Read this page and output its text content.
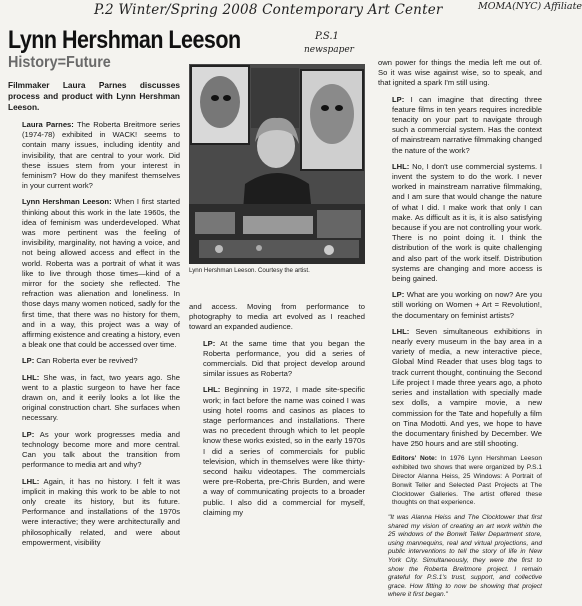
P.2 Winter/Spring 2008 Contemporary Art Center	MOMA(NYC) Affiliate
P.S.1
newspaper
Lynn Hershman Leeson
History=Future

Filmmaker Laura Parnes discusses process and product with Lynn Hershman Leeson.

Laura Parnes: The Roberta Breitmore series (1974-78) exhibited in WACK! seems to contain many issues, including identity and invisibility, that are central to your work. Did these issues stem from your interest in feminism? How do they manifest themselves in your current work?

Lynn Hershman Leeson: When I first started thinking about this work in the late 1960s, the idea of feminism was underdeveloped. What was more pertinent was the feeling of invisibility, marginality, not having a voice, and not being allowed access and effect in the world. Roberta was a portrait of what it was like to live through those times—kind of a mirror for the society she reflected. The refraction was alienation and loneliness. In those days many women noticed, sadly for the first time, that there was no history for them, and in a way, this project was a way of affirming existence and creating a history, even a bleak one that could be accessed over time.

LP: Can Roberta ever be revived?

LHL: She was, in fact, two years ago. She went to a plastic surgeon to have her face drawn on, and it eerily looks a lot like the original construction chart. She surfaces when necessary.

LP: As your work progresses media and technology become more and more central. Can you talk about the transition from performance to media art and why?

LHL: Again, it has no history. I felt it was implicit in making this work to be able to not only create its history, but its future. Performance and installations of the 1970s were interactive; they were architecturally and philosophically related, and were about empowerment, visibility

Lynn Hershman Leeson. Courtesy the artist.

and access. Moving from performance to photography to media art evolved as I reached toward an expanded audience.

LP: At the same time that you began the Roberta performance, you did a series of commercials. Did that project develop around similar issues as Roberta?

LHL: Beginning in 1972, I made site-specific work; in fact before the name was coined I was using hotel rooms and casinos as places to stage performances and installations. There was no precedent through which to let people know these works existed, so in the early 1970s I did a series of commercials for public television, which in themselves were like thirty-second haiku videotapes. The commercials were pre-Roberta, pre-Chris Burden, and were a way of communicating projects to a broader public. I also did a commercial for myself, claiming my

own power for things the media left me out of. So it was wise against wise, so to speak, and that ignited a spark I'm still using.

LP: I can imagine that directing three feature films in ten years requires incredible tenacity on your part to navigate through such a commercial system. Has the context of mainstream narrative filmmaking changed the nature of the work?

LHL: No, I don't use commercial systems. I invent the system to do the work. I never worked in mainstream narrative filmmaking, and I am sure that would change the nature of what I did. I make work that only I can make. As difficult as it is, it is also satisfying because if you are not controlling your work. There is no point doing it. I think the distribution of the work is quite challenging and also part of the work itself. Distribution systems are changing and more access is being gained.

LP: What are you working on now? Are you still working on Women + Art = Revolution!, the documentary on feminist artists?

LHL: Seven simultaneous exhibitions in nearly every museum in the bay area in a variety of media, a new interactive piece, Global Mind Reader that uses blog tags to track current thought, continuing the Second Life project I made three years ago, a photo series and installation with specially made sex dolls, a vampire movie, a new commission for the Tate and hopefully a film on Tina Modotti. And yes, we hope to have the documentary finished by December. We have 250 hours and are still shooting.

Editors' Note: In 1976 Lynn Hershman Leeson exhibited two shows that were organized by P.S.1 Director Alanna Heiss, 25 Windows: A Portrait of Bonwit Teller and Selected Past Projects at The Clocktower Galleries. The artist offered these thoughts on that experience.

"It was Alanna Heiss and The Clocktower that first shared my vision of creating an art work within the 25 windows of the Bonwit Teller Department store, using mannequins, real and virtual projections, and public interventions to tell the story of life in New York City. Simultaneously, they were the first to show the Roberta Breitmore project. I remain grateful for P.S.1's trust, support, and collective grace. How fitting to now be showing that project where it first began."
